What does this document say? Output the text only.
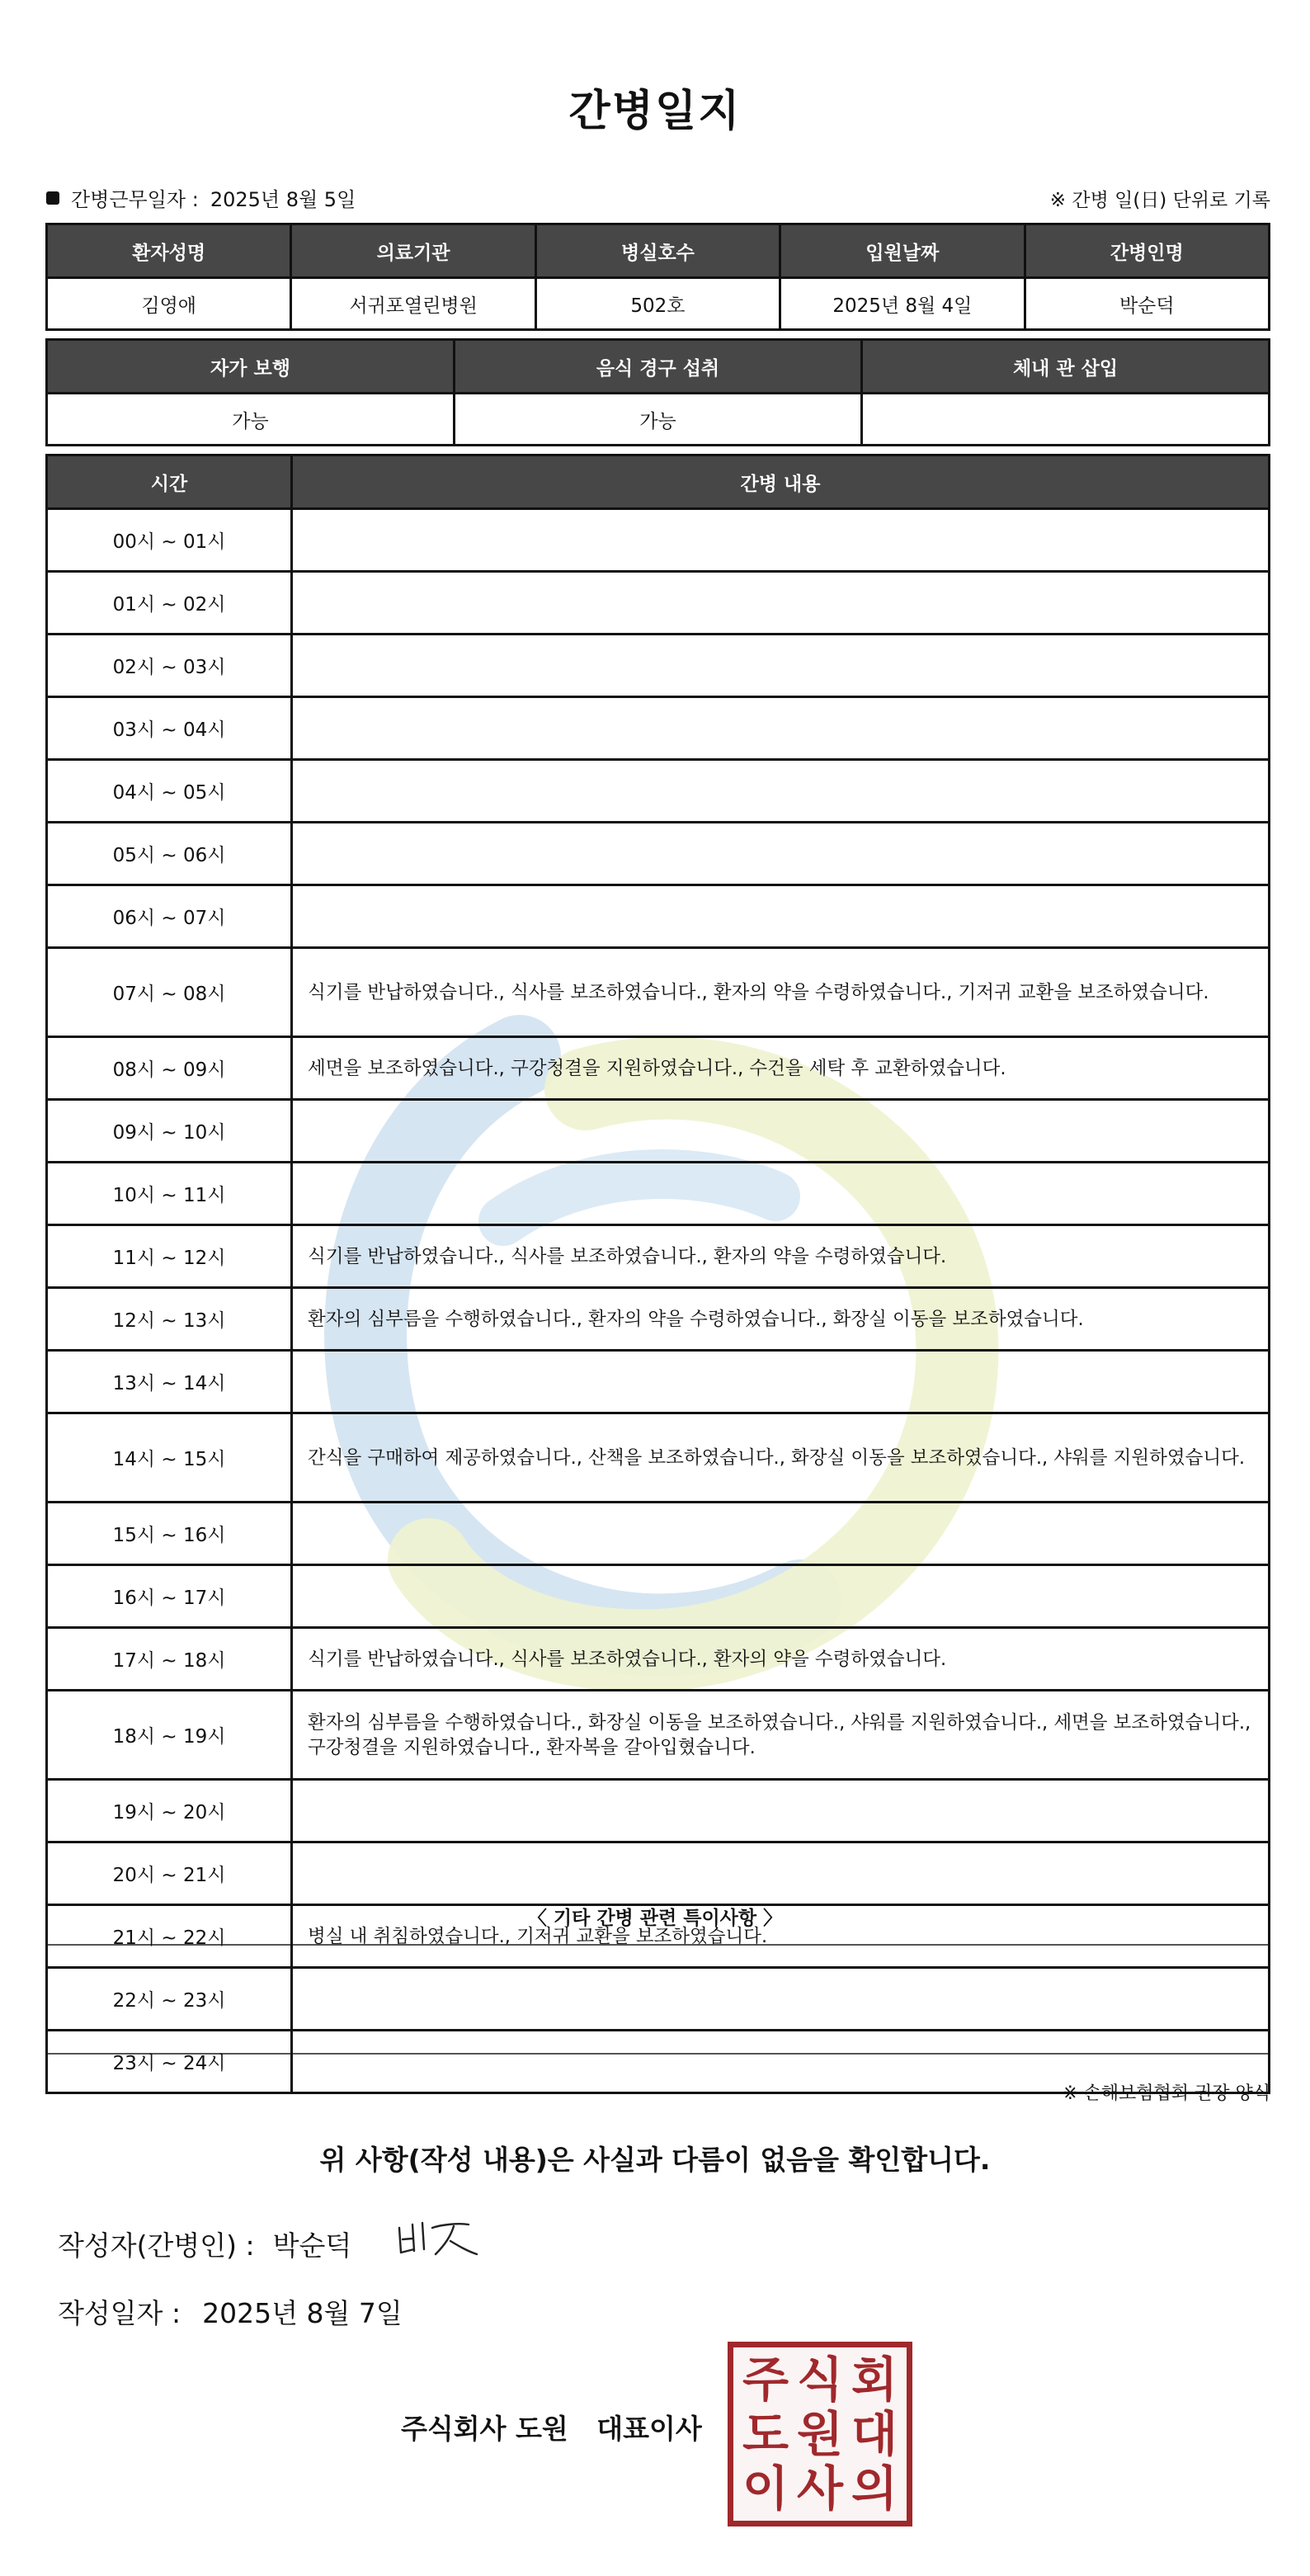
간병일지
간병근무일자 : 2025년 8월 5일	※ 간병 일(日) 단위로 기록
환자성명	의료기관	병실호수	입원날짜	간병인명
김영애	서귀포열린병원	502호	2025년 8월 4일	박순덕
자가 보행	음식 경구 섭취	체내 관 삽입
가능	가능	
시간	간병 내용
00시 ~ 01시	
01시 ~ 02시	
02시 ~ 03시	
03시 ~ 04시	
04시 ~ 05시	
05시 ~ 06시	
06시 ~ 07시	
07시 ~ 08시	식기를 반납하였습니다., 식사를 보조하였습니다., 환자의 약을 수령하였습니다., 기저귀 교환을 보조하였습니다.
08시 ~ 09시	세면을 보조하였습니다., 구강청결을 지원하였습니다., 수건을 세탁 후 교환하였습니다.
09시 ~ 10시	
10시 ~ 11시	
11시 ~ 12시	식기를 반납하였습니다., 식사를 보조하였습니다., 환자의 약을 수령하였습니다.
12시 ~ 13시	환자의 심부름을 수행하였습니다., 환자의 약을 수령하였습니다., 화장실 이동을 보조하였습니다.
13시 ~ 14시	
14시 ~ 15시	간식을 구매하여 제공하였습니다., 산책을 보조하였습니다., 화장실 이동을 보조하였습니다., 샤워를 지원하였습니다.
15시 ~ 16시	
16시 ~ 17시	
17시 ~ 18시	식기를 반납하였습니다., 식사를 보조하였습니다., 환자의 약을 수령하였습니다.
18시 ~ 19시	환자의 심부름을 수행하였습니다., 화장실 이동을 보조하였습니다., 샤워를 지원하였습니다., 세면을 보조하였습니다., 구강청결을 지원하였습니다., 환자복을 갈아입혔습니다.
19시 ~ 20시	
20시 ~ 21시	
21시 ~ 22시	병실 내 취침하였습니다., 기저귀 교환을 보조하였습니다.
22시 ~ 23시	
23시 ~ 24시	
〈 기타 간병 관련 특이사항 〉
※ 손해보험협회 권장 양식
위 사항(작성 내용)은 사실과 다름이 없음을 확인합니다.
작성자(간병인) : 박순덕
작성일자 : 2025년 8월 7일
주식회사 도원   대표이사
주 식 회
도 원 대
이 사 의
